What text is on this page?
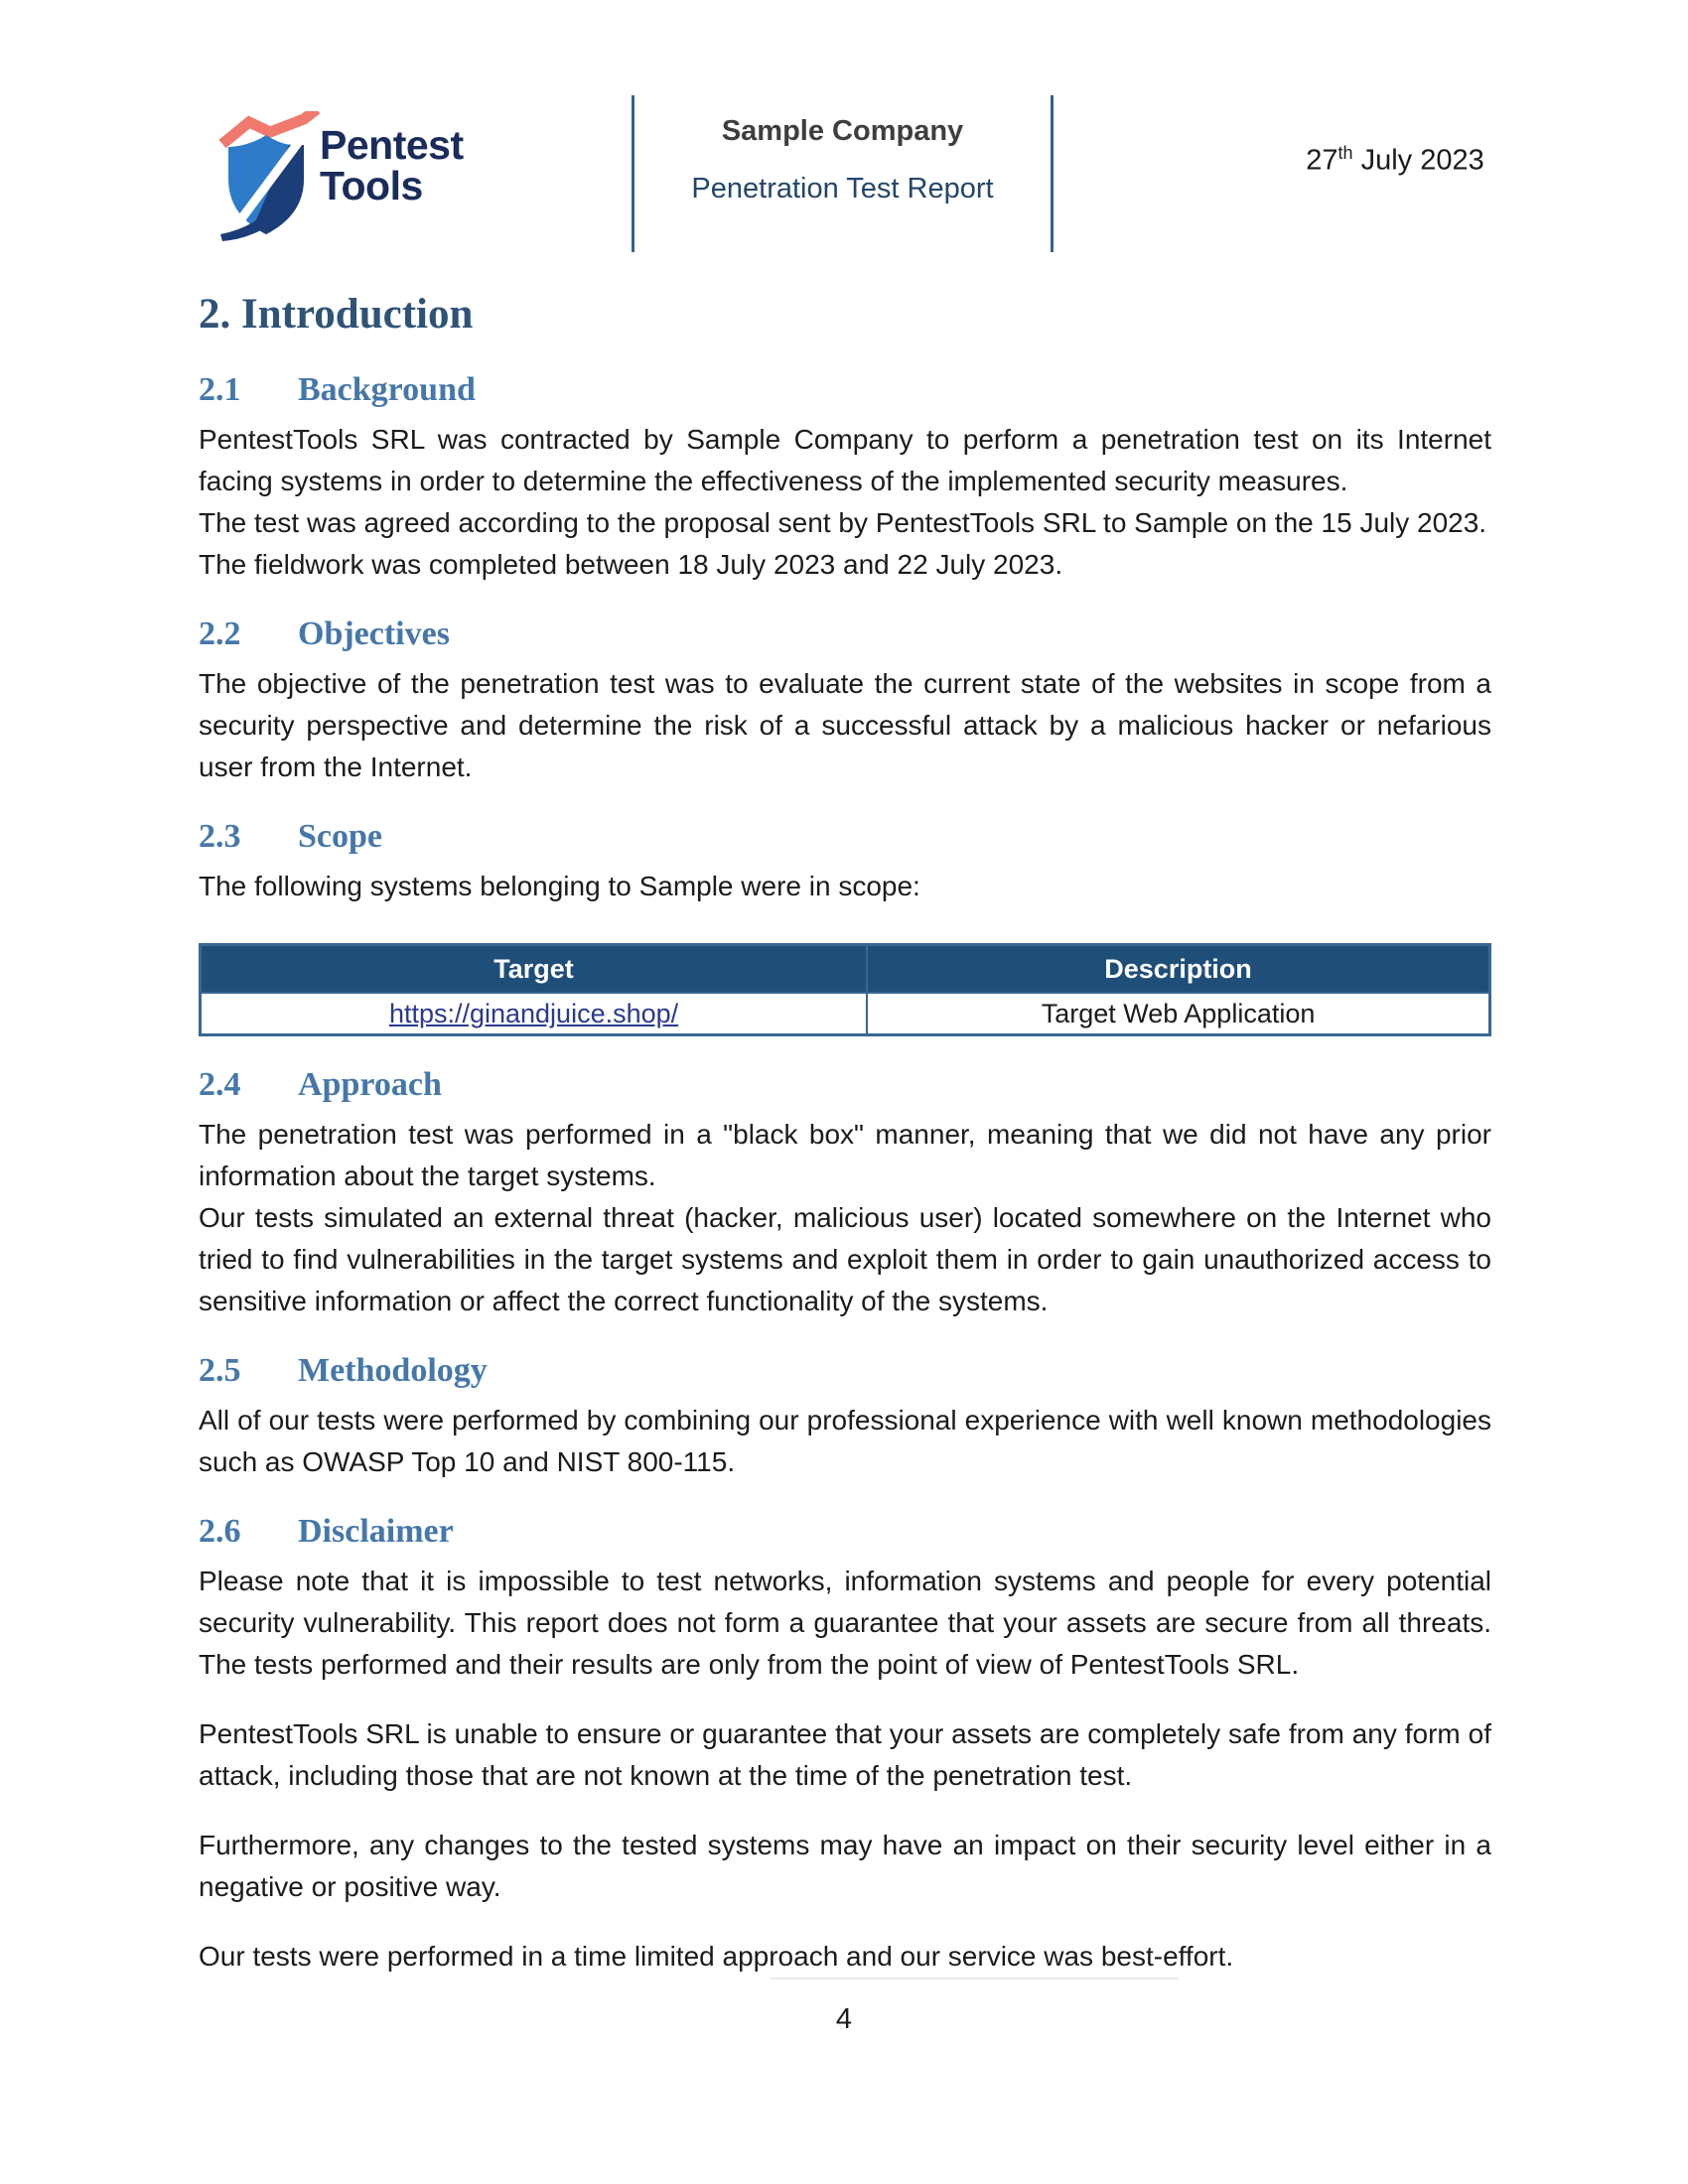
Pentest
Tools
Sample Company
Penetration Test Report
27th July 2023
2. Introduction
2.1 Background
PentestTools SRL was contracted by Sample Company to perform a penetration test on its Internet facing systems in order to determine the effectiveness of the implemented security measures.
The test was agreed according to the proposal sent by PentestTools SRL to Sample on the 15 July 2023.
The fieldwork was completed between 18 July 2023 and 22 July 2023.
2.2 Objectives
The objective of the penetration test was to evaluate the current state of the websites in scope from a security perspective and determine the risk of a successful attack by a malicious hacker or nefarious user from the Internet.
2.3 Scope
The following systems belonging to Sample were in scope:
Target	Description
https://ginandjuice.shop/	Target Web Application
2.4 Approach
The penetration test was performed in a "black box" manner, meaning that we did not have any prior information about the target systems.
Our tests simulated an external threat (hacker, malicious user) located somewhere on the Internet who tried to find vulnerabilities in the target systems and exploit them in order to gain unauthorized access to sensitive information or affect the correct functionality of the systems.
2.5 Methodology
All of our tests were performed by combining our professional experience with well known methodologies such as OWASP Top 10 and NIST 800-115.
2.6 Disclaimer
Please note that it is impossible to test networks, information systems and people for every potential security vulnerability. This report does not form a guarantee that your assets are secure from all threats. The tests performed and their results are only from the point of view of PentestTools SRL.
PentestTools SRL is unable to ensure or guarantee that your assets are completely safe from any form of attack, including those that are not known at the time of the penetration test.
Furthermore, any changes to the tested systems may have an impact on their security level either in a negative or positive way.
Our tests were performed in a time limited approach and our service was best-effort.
4
